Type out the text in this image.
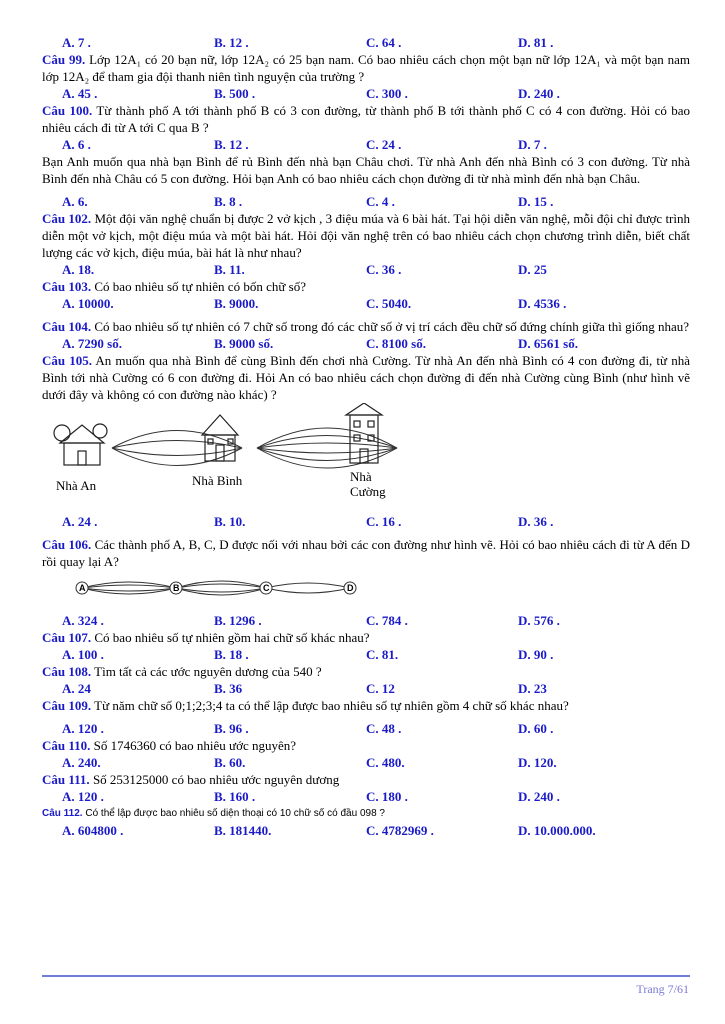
A. 7 .	B. 12 .	C. 64 .	D. 81 .
Câu 99. Lớp 12A₁ có 20 bạn nữ, lớp 12A₂ có 25 bạn nam. Có bao nhiêu cách chọn một bạn nữ lớp 12A₁ và một bạn nam lớp 12A₂ để tham gia đội thanh niên tình nguyện của trường ?
A. 45 .	B. 500 .	C. 300 .	D. 240 .
Câu 100. Từ thành phố A tới thành phố B có 3 con đường, từ thành phố B tới thành phố C có 4 con đường. Hỏi có bao nhiêu cách đi từ A tới C qua B ?
A. 6 .	B. 12 .	C. 24 .	D. 7 .
Bạn Anh muốn qua nhà bạn Bình để rủ Bình đến nhà bạn Châu chơi. Từ nhà Anh đến nhà Bình có 3 con đường. Từ nhà Bình đến nhà Châu có 5 con đường. Hỏi bạn Anh có bao nhiêu cách chọn đường đi từ nhà mình đến nhà bạn Châu.
A. 6.	B. 8 .	C. 4 .	D. 15 .
Câu 102. Một đội văn nghệ chuẩn bị được 2 vở kịch , 3 điệu múa và 6 bài hát. Tại hội diễn văn nghệ, mỗi đội chỉ được trình diễn một vở kịch, một điệu múa và một bài hát. Hỏi đội văn nghệ trên có bao nhiêu cách chọn chương trình diễn, biết chất lượng các vở kịch, điệu múa, bài hát là như nhau?
A. 18.	B. 11.	C. 36 .	D. 25
Câu 103. Có bao nhiêu số tự nhiên có bốn chữ số?
A. 10000.	B. 9000.	C. 5040.	D. 4536 .
Câu 104. Có bao nhiêu số tự nhiên có 7 chữ số trong đó các chữ số ở vị trí cách đều chữ số đứng chính giữa thì giống nhau?
A. 7290 số.	B. 9000 số.	C. 8100 số.	D. 6561 số.
Câu 105. An muốn qua nhà Bình để cùng Bình đến chơi nhà Cường. Từ nhà An đến nhà Bình có 4 con đường đi, từ nhà Bình tới nhà Cường có 6 con đường đi. Hỏi An có bao nhiêu cách chọn đường đi đến nhà Cường cùng Bình (như hình vẽ dưới đây và không có con đường nào khác) ?
Nhà An	Nhà Bình	Nhà Cường
A. 24 .	B. 10.	C. 16 .	D. 36 .
Câu 106. Các thành phố A, B, C, D được nối với nhau bởi các con đường như hình vẽ. Hỏi có bao nhiêu cách đi từ A đến D rồi quay lại A?
A	B	C	D
A. 324 .	B. 1296 .	C. 784 .	D. 576 .
Câu 107. Có bao nhiêu số tự nhiên gồm hai chữ số khác nhau?
A. 100 .	B. 18 .	C. 81.	D. 90 .
Câu 108. Tìm tất cả các ước nguyên dương của 540 ?
A. 24	B. 36	C. 12	D. 23
Câu 109. Từ năm chữ số 0;1;2;3;4 ta có thể lập được bao nhiêu số tự nhiên gồm 4 chữ số khác nhau?
A. 120 .	B. 96 .	C. 48 .	D. 60 .
Câu 110. Số 1746360 có bao nhiêu ước nguyên?
A. 240.	B. 60.	C. 480.	D. 120.
Câu 111. Số 253125000 có bao nhiêu ước nguyên dương
A. 120 .	B. 160 .	C. 180 .	D. 240 .
Câu 112. Có thể lập được bao nhiêu số diện thoại có 10 chữ số có đầu 098 ?
A. 604800 .	B. 181440.	C. 4782969 .	D. 10.000.000.
Trang 7/61
